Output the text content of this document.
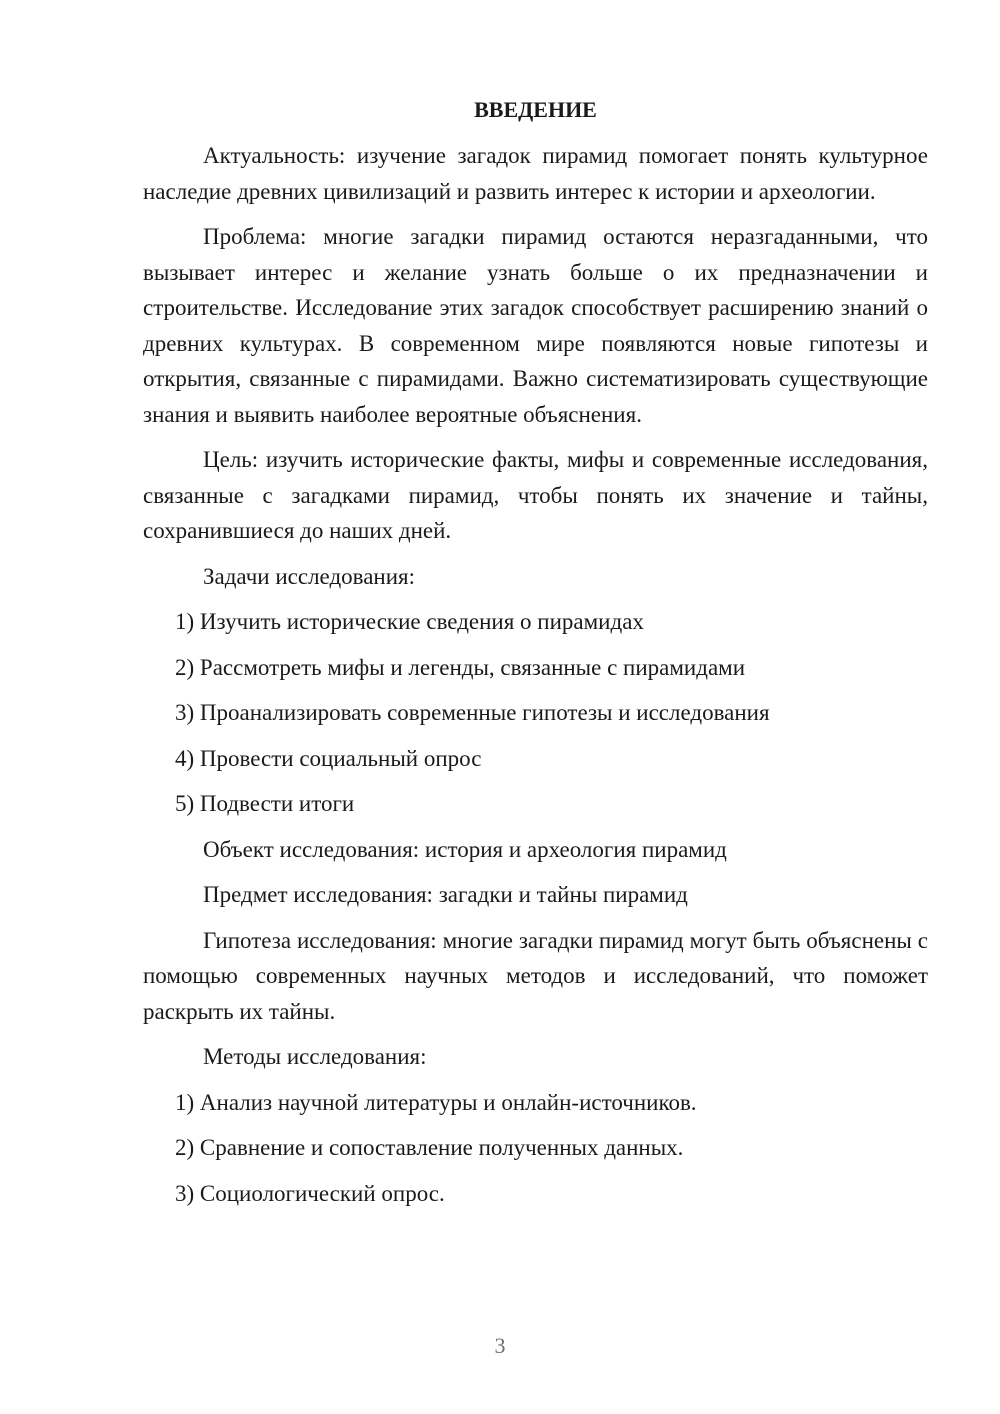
ВВЕДЕНИЕ

Актуальность: изучение загадок пирамид помогает понять культурное наследие древних цивилизаций и развить интерес к истории и археологии.

Проблема: многие загадки пирамид остаются неразгаданными, что вызывает интерес и желание узнать больше о их предназначении и строительстве. Исследование этих загадок способствует расширению знаний о древних культурах. В современном мире появляются новые гипотезы и открытия, связанные с пирамидами. Важно систематизировать существующие знания и выявить наиболее вероятные объяснения.

Цель: изучить исторические факты, мифы и современные исследования, связанные с загадками пирамид, чтобы понять их значение и тайны, сохранившиеся до наших дней.

Задачи исследования:

1) Изучить исторические сведения о пирамидах
2) Рассмотреть мифы и легенды, связанные с пирамидами
3) Проанализировать современные гипотезы и исследования
4) Провести социальный опрос
5) Подвести итоги

Объект исследования: история и археология пирамид

Предмет исследования: загадки и тайны пирамид

Гипотеза исследования: многие загадки пирамид могут быть объяснены с помощью современных научных методов и исследований, что поможет раскрыть их тайны.

Методы исследования:

1) Анализ научной литературы и онлайн-источников.
2) Сравнение и сопоставление полученных данных.
3) Социологический опрос.
3
